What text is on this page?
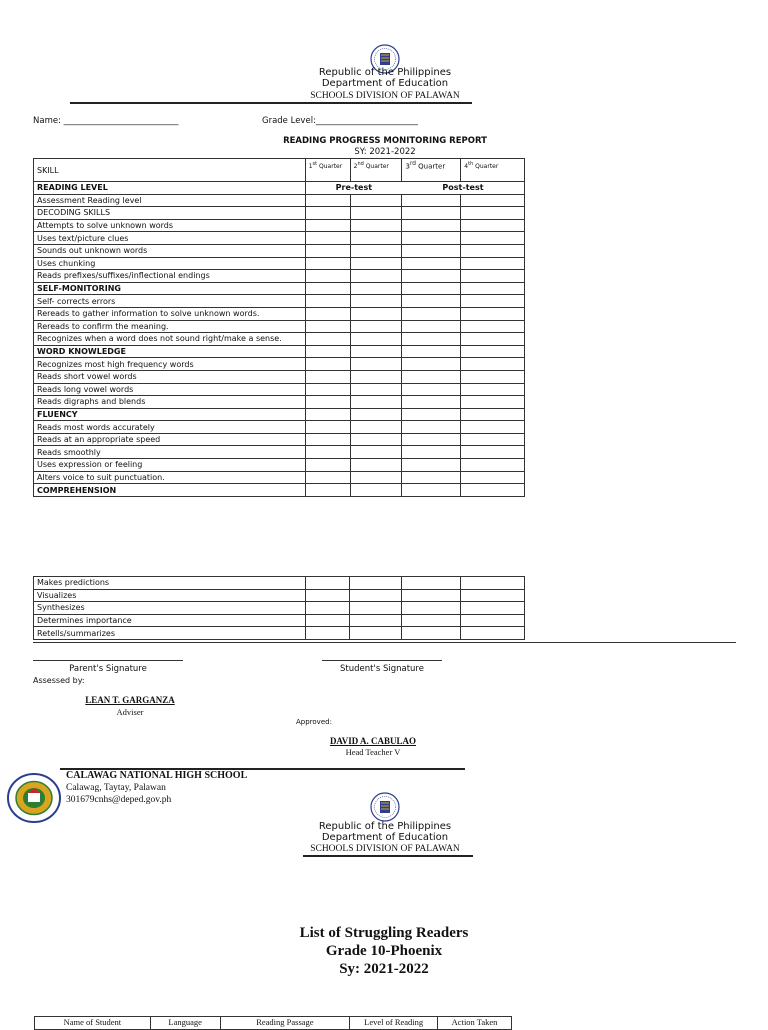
Republic of the Philippines
Department of Education
SCHOOLS DIVISION OF PALAWAN
Name: ___________________________	Grade Level:________________________
READING PROGRESS MONITORING REPORT
SY: 2021-2022
SKILL	1st Quarter	2nd Quarter	3rd Quarter	4th Quarter
READING LEVEL	Pre-test		Post-test	
Assessment Reading level				
DECODING SKILLS				
Attempts to solve unknown words				
Uses text/picture clues				
Sounds out unknown words				
Uses chunking				
Reads prefixes/suffixes/inflectional endings				
SELF-MONITORING				
Self- corrects errors				
Rereads to gather information to solve unknown words.				
Rereads to confirm the meaning.				
Recognizes when a word does not sound right/make a sense.				
WORD KNOWLEDGE				
Recognizes most high frequency words				
Reads short vowel words				
Reads long vowel words				
Reads digraphs and blends				
FLUENCY				
Reads most words accurately				
Reads at an appropriate speed				
Reads smoothly				
Uses expression or feeling				
Alters voice to suit punctuation.				
COMPREHENSION				
Makes predictions				
Visualizes				
Synthesizes				
Determines importance				
Retells/summarizes				
Parent's Signature	Student's Signature
Assessed by:
LEAN T. GARGANZA
Adviser
Approved:
DAVID A. CABULAO
Head Teacher V
CALAWAG NATIONAL HIGH SCHOOL
Calawag, Taytay, Palawan
301679cnhs@deped.gov.ph
Republic of the Philippines
Department of Education
SCHOOLS DIVISION OF PALAWAN
List of Struggling Readers
Grade 10-Phoenix
Sy: 2021-2022
Name of Student	Language	Reading Passage	Level of Reading	Action Taken
